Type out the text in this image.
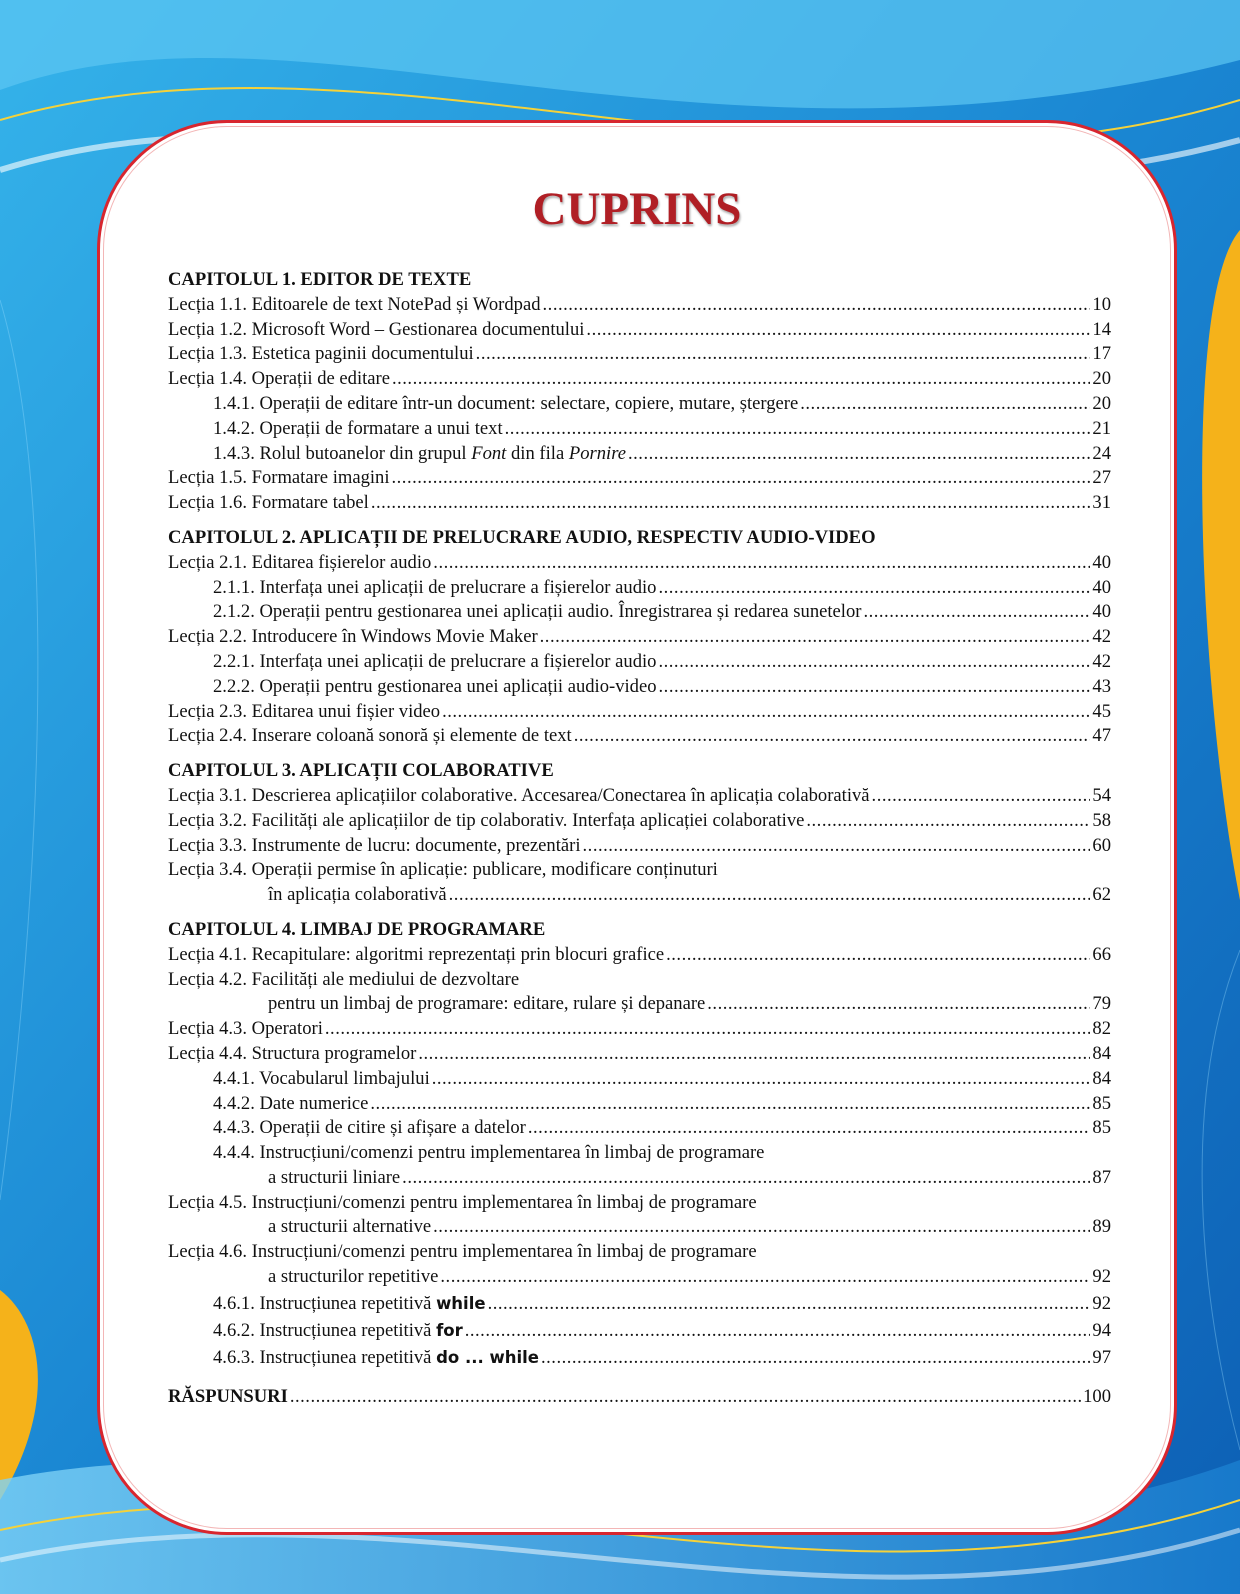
CUPRINS
CAPITOLUL 1. EDITOR DE TEXTE
Lecția 1.1. Editoarele de text NotePad și Wordpad .....	10
Lecția 1.2. Microsoft Word – Gestionarea documentului .....	14
Lecția 1.3. Estetica paginii documentului .....	17
Lecția 1.4. Operații de editare .....	20
1.4.1. Operații de editare într-un document: selectare, copiere, mutare, ștergere .....	20
1.4.2. Operații de formatare a unui text .....	21
1.4.3. Rolul butoanelor din grupul Font din fila Pornire .....	24
Lecția 1.5. Formatare imagini .....	27
Lecția 1.6. Formatare tabel .....	31
CAPITOLUL 2. APLICAȚII DE PRELUCRARE AUDIO, RESPECTIV AUDIO-VIDEO
Lecția 2.1. Editarea fișierelor audio .....	40
2.1.1. Interfața unei aplicații de prelucrare a fișierelor audio .....	40
2.1.2. Operații pentru gestionarea unei aplicații audio. Înregistrarea și redarea sunetelor .....	40
Lecția 2.2. Introducere în Windows Movie Maker .....	42
2.2.1. Interfața unei aplicații de prelucrare a fișierelor audio .....	42
2.2.2. Operații pentru gestionarea unei aplicații audio-video .....	43
Lecția 2.3. Editarea unui fișier video .....	45
Lecția 2.4. Inserare coloană sonoră și elemente de text .....	47
CAPITOLUL 3. APLICAȚII COLABORATIVE
Lecția 3.1. Descrierea aplicațiilor colaborative. Accesarea/Conectarea în aplicația colaborativă .....	54
Lecția 3.2. Facilități ale aplicațiilor de tip colaborativ. Interfața aplicației colaborative .....	58
Lecția 3.3. Instrumente de lucru: documente, prezentări .....	60
Lecția 3.4. Operații permise în aplicație: publicare, modificare conținuturi
în aplicația colaborativă .....	62
CAPITOLUL 4. LIMBAJ DE PROGRAMARE
Lecția 4.1. Recapitulare: algoritmi reprezentați prin blocuri grafice .....	66
Lecția 4.2. Facilități ale mediului de dezvoltare
pentru un limbaj de programare: editare, rulare și depanare .....	79
Lecția 4.3. Operatori .....	82
Lecția 4.4. Structura programelor .....	84
4.4.1. Vocabularul limbajului .....	84
4.4.2. Date numerice .....	85
4.4.3. Operații de citire și afișare a datelor .....	85
4.4.4. Instrucțiuni/comenzi pentru implementarea în limbaj de programare
a structurii liniare .....	87
Lecția 4.5. Instrucțiuni/comenzi pentru implementarea în limbaj de programare
a structurii alternative .....	89
Lecția 4.6. Instrucțiuni/comenzi pentru implementarea în limbaj de programare
a structurilor repetitive .....	92
4.6.1. Instrucțiunea repetitivă while .....	92
4.6.2. Instrucțiunea repetitivă for .....	94
4.6.3. Instrucțiunea repetitivă do ... while .....	97
RĂSPUNSURI .....	100
